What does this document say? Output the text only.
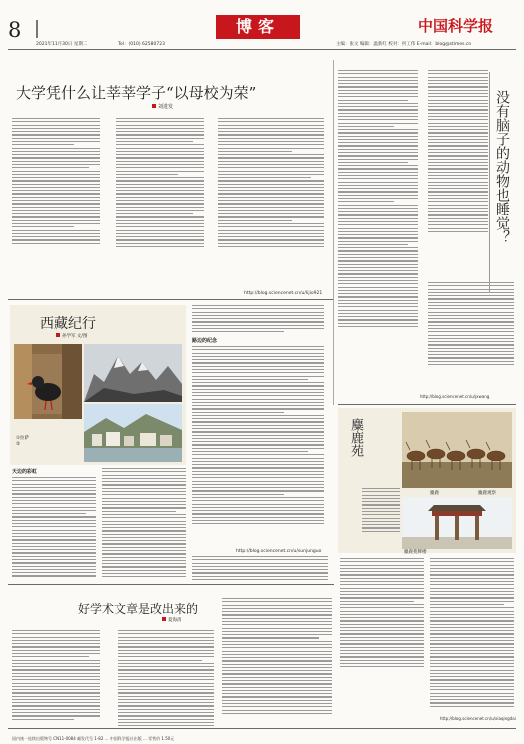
8	博客	中国科学报
2021年11月30日 星期二	Tel：(010) 62580723	主编：张文 编辑：温新红 校对：何工伟 E-mail：blog@stimes.cn
大学凭什么让莘莘学子“以母校为荣”
刘进发
http://blog.sciencenet.cn/u/lijio921
没有脑子的动物也睡觉？
http://blog.sciencenet.cn/u/jxwang
西藏纪行
孙学军 文/图
①拉萨
②
路边的纪念
http://blog.sciencenet.cn/u/sunjunguo
天边的彩虹
麋鹿苑
麋鹿	麋鹿观察
麋鹿苑牌楼
http://blog.sciencenet.cn/u/xiaqingdai
好学术文章是改出来的
夏海清
国内统一连续出版物号 CN11-0084 邮发代号 1-82 ... 中国科学报社出版 ... 零售价 1.50元
